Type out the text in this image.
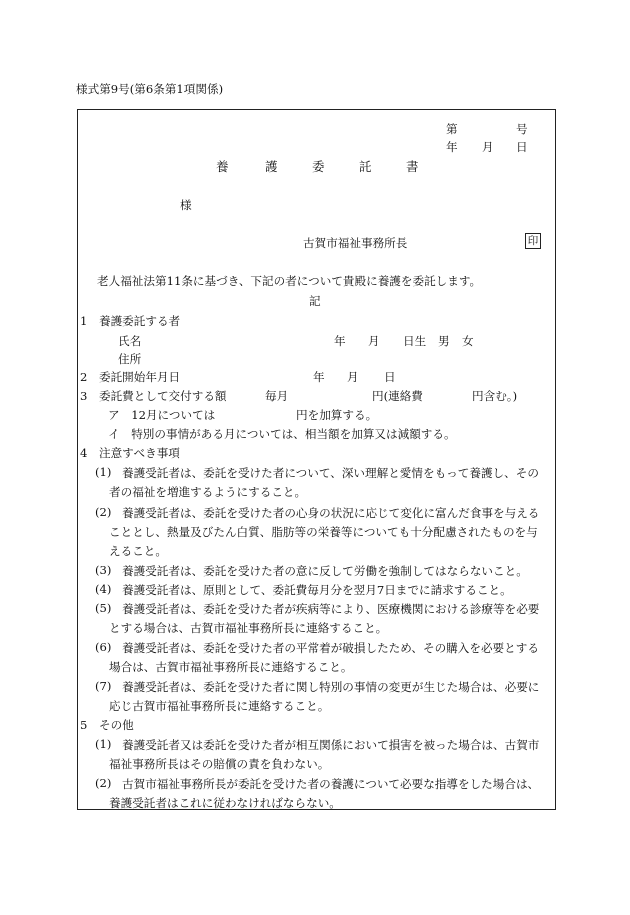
様式第9号(第6条第1項関係)
第	号
年 月 日
養	護	委	託	書
様
古賀市福祉事務所長	印
老人福祉法第11条に基づき、下記の者について貴殿に養護を委託します。
記
1　養護委託する者
氏名	年 月 日生 男 女
住所
2　委託開始年月日	年 月 日
3　委託費として交付する額	毎月	円(連絡費	円含む。)
ア　12月については	円を加算する。
イ　特別の事情がある月については、相当額を加算又は減額する。
4　注意すべき事項
(1) 養護受託者は、委託を受けた者について、深い理解と愛情をもって養護し、その
者の福祉を増進するようにすること。
(2) 養護受託者は、委託を受けた者の心身の状況に応じて変化に富んだ食事を与える
こととし、熱量及びたん白質、脂肪等の栄養等についても十分配慮されたものを与
えること。
(3) 養護受託者は、委託を受けた者の意に反して労働を強制してはならないこと。
(4) 養護受託者は、原則として、委託費毎月分を翌月7日までに請求すること。
(5) 養護受託者は、委託を受けた者が疾病等により、医療機関における診療等を必要
とする場合は、古賀市福祉事務所長に連絡すること。
(6) 養護受託者は、委託を受けた者の平常着が破損したため、その購入を必要とする
場合は、古賀市福祉事務所長に連絡すること。
(7) 養護受託者は、委託を受けた者に関し特別の事情の変更が生じた場合は、必要に
応じ古賀市福祉事務所長に連絡すること。
5　その他
(1) 養護受託者又は委託を受けた者が相互関係において損害を被った場合は、古賀市
福祉事務所長はその賠償の責を負わない。
(2) 古賀市福祉事務所長が委託を受けた者の養護について必要な指導をした場合は、
養護受託者はこれに従わなければならない。
